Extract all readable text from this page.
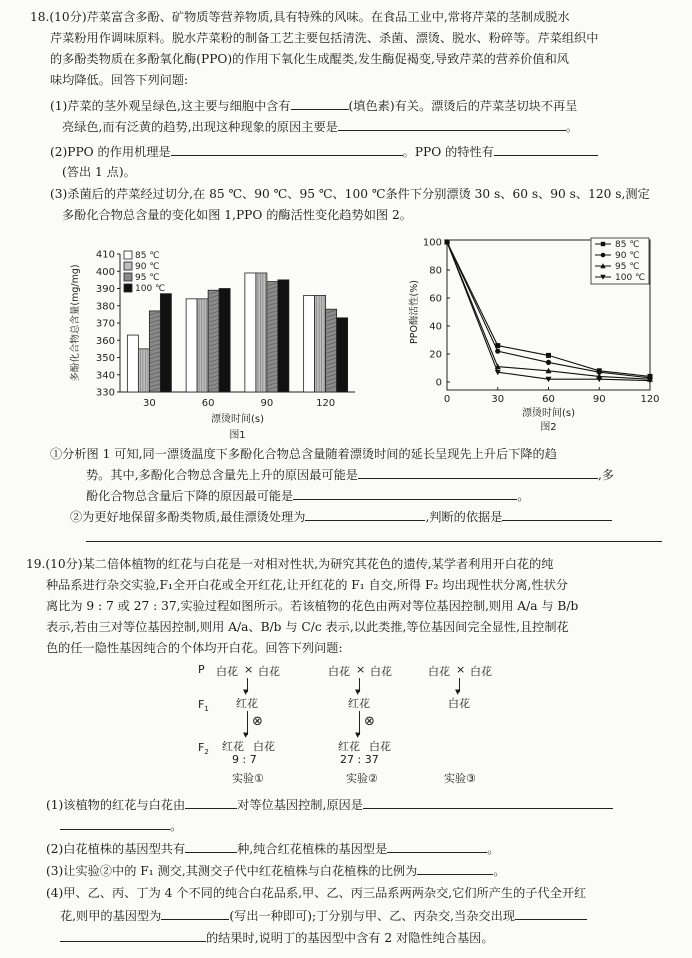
18.(10分)芹菜富含多酚、矿物质等营养物质,具有特殊的风味。在食品工业中,常将芹菜的茎制成脱水
芹菜粉用作调味原料。脱水芹菜粉的制备工艺主要包括清洗、杀菌、漂烫、脱水、粉碎等。芹菜组织中
的多酚类物质在多酚氧化酶(PPO)的作用下氧化生成醌类,发生酶促褐变,导致芹菜的营养价值和风
味均降低。回答下列问题:
(1)芹菜的茎外观呈绿色,这主要与细胞中含有	(填色素)有关。漂烫后的芹菜茎切块不再呈
亮绿色,而有泛黄的趋势,出现这种现象的原因主要是	。
(2)PPO 的作用机理是	。PPO 的特性有
(答出 1 点)。
(3)杀菌后的芹菜经过切分,在 85 ℃、90 ℃、95 ℃、100 ℃条件下分别漂烫 30 s、60 s、90 s、120 s,测定
多酚化合物总含量的变化如图 1,PPO 的酶活性变化趋势如图 2。
330
340
350
360
370
380
390
400
410
30	60	90	120
漂烫时间(s)
图1
多酚化合物总含量(mg/mg)
85 ℃
90 ℃
95 ℃
100 ℃
0
20
40
60
80
100
0	30	60	90	120
85 ℃
90 ℃
95 ℃
100 ℃
漂烫时间(s)
图2
PPO酶活性(%)
①分析图 1 可知,同一漂烫温度下多酚化合物总含量随着漂烫时间的延长呈现先上升后下降的趋
势。其中,多酚化合物总含量先上升的原因最可能是	,多
酚化合物总含量后下降的原因最可能是	。
②为更好地保留多酚类物质,最佳漂烫处理为	,判断的依据是
19.(10分)某二倍体植物的红花与白花是一对相对性状,为研究其花色的遗传,某学者利用开白花的纯
种品系进行杂交实验,F₁全开白花或全开红花,让开红花的 F₁ 自交,所得 F₂ 均出现性状分离,性状分
离比为 9 : 7 或 27 : 37,实验过程如图所示。若该植物的花色由两对等位基因控制,则用 A/a 与 B/b
表示,若由三对等位基因控制,则用 A/a、B/b 与 C/c 表示,以此类推,等位基因间完全显性,且控制花
色的任一隐性基因纯合的个体均开白花。回答下列问题:
P 白花 × 白花
▼
$F_1$ 红花
▼
⊗
$F_2$ 红花 白花
9 : 7
实验①
白花 × 白花
▼
红花
▼
⊗
红花 白花
27 : 37
实验②
白花 × 白花
▼
白花
实验③
(1)该植物的红花与白花由	对等位基因控制,原因是
。
(2)白花植株的基因型共有	种,纯合红花植株的基因型是	。
(3)让实验②中的 F₁ 测交,其测交子代中红花植株与白花植株的比例为	。
(4)甲、乙、丙、丁为 4 个不同的纯合白花品系,甲、乙、丙三品系两两杂交,它们所产生的子代全开红
花,则甲的基因型为	(写出一种即可);丁分别与甲、乙、丙杂交,当杂交出现
的结果时,说明丁的基因型中含有 2 对隐性纯合基因。
